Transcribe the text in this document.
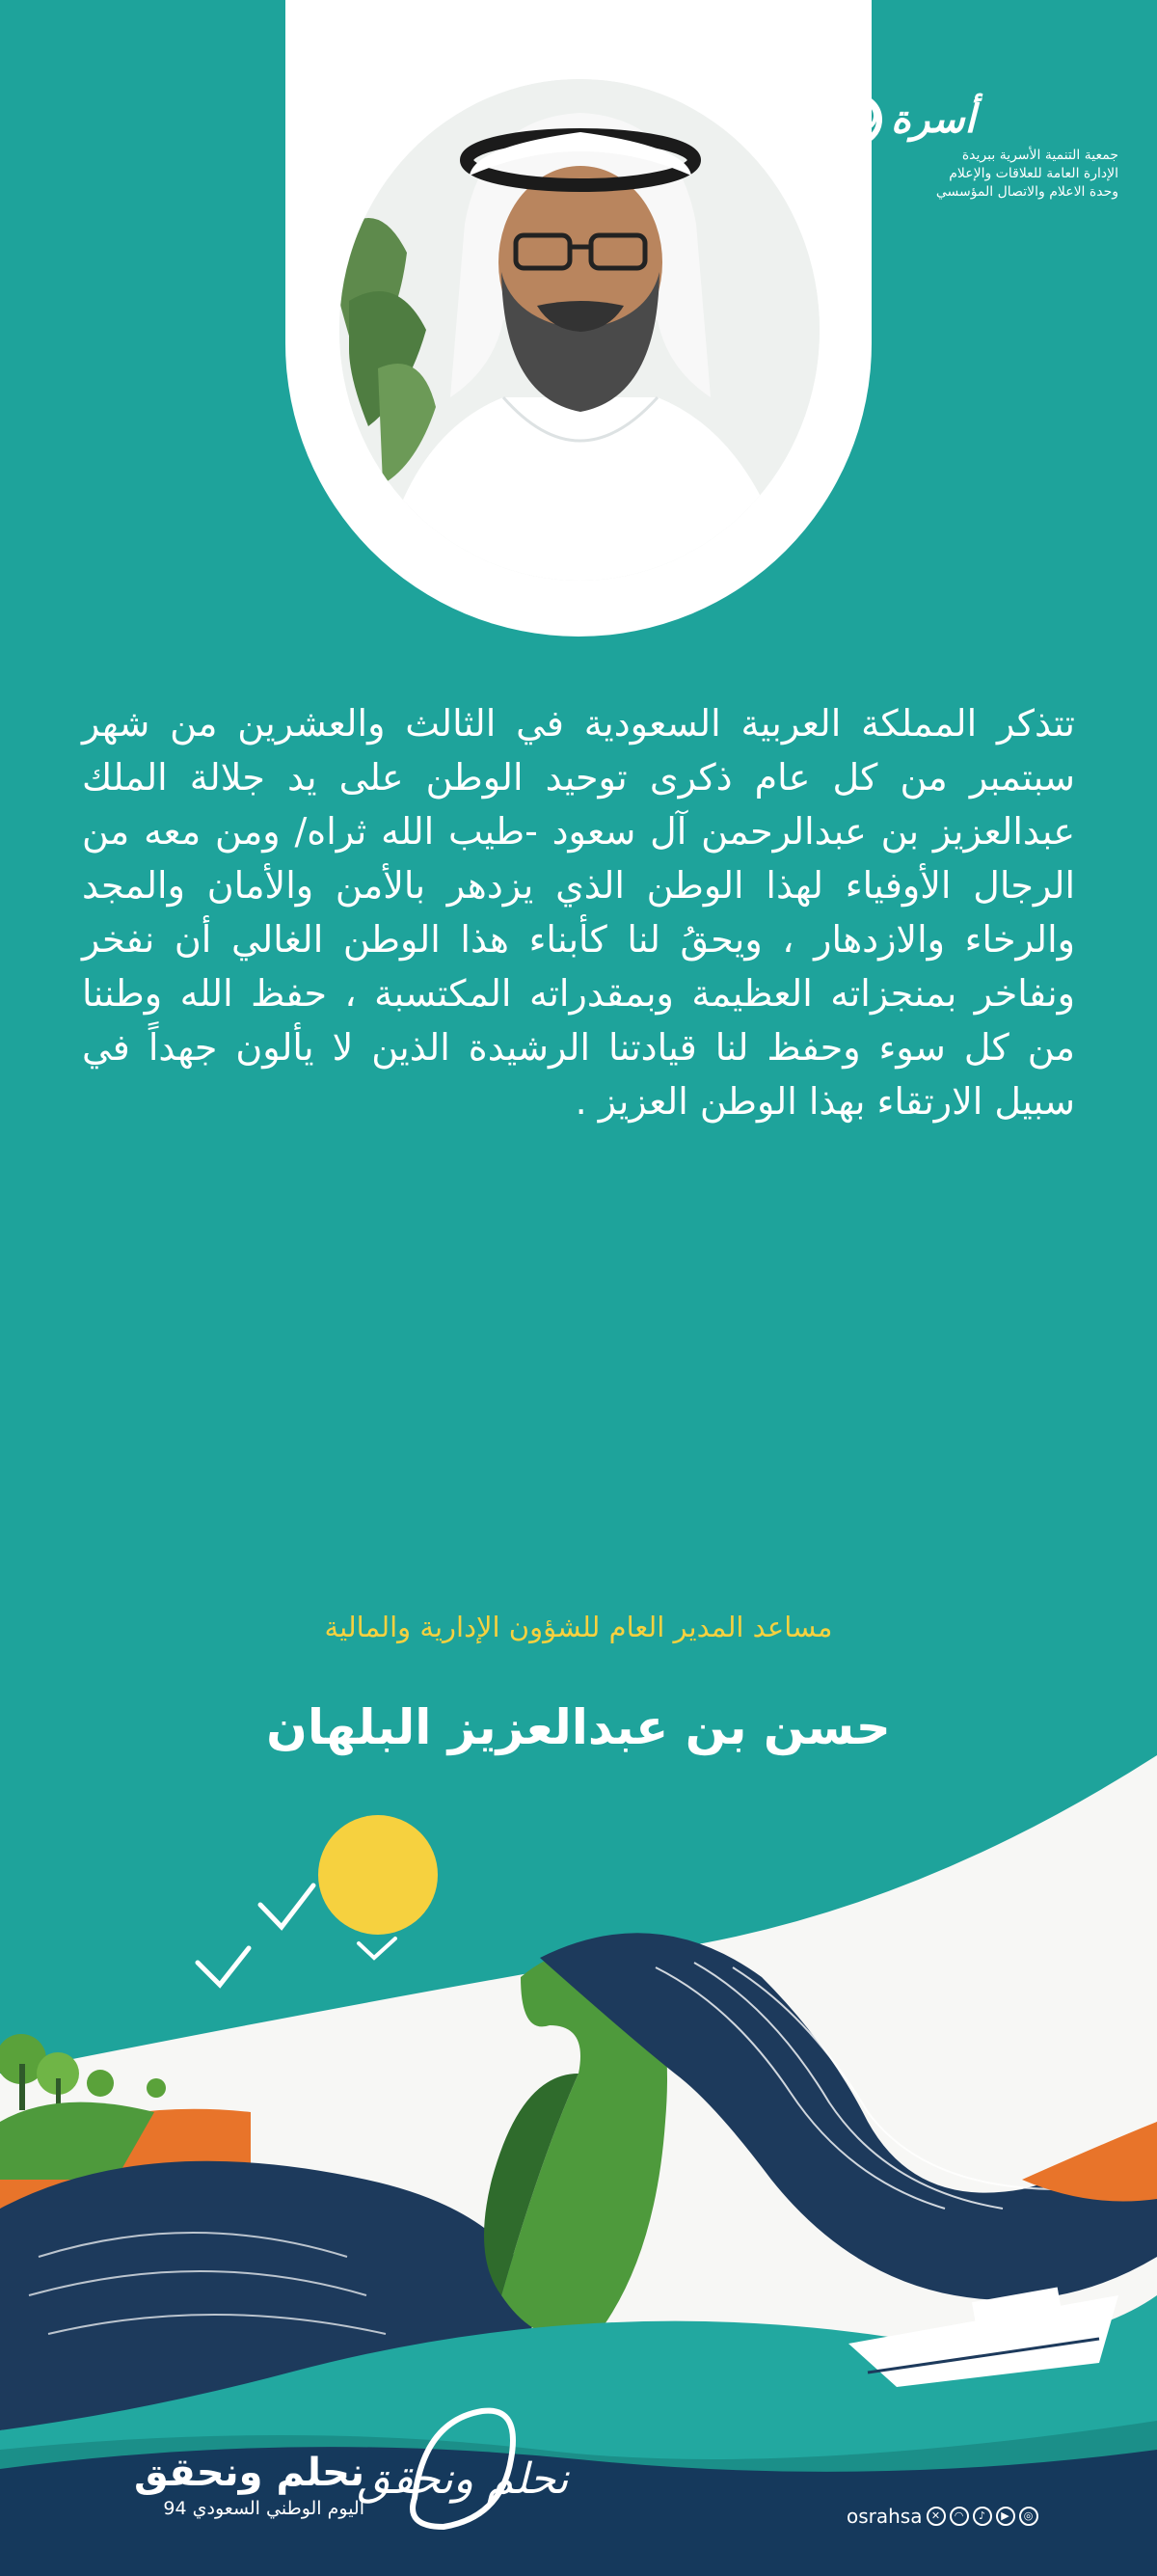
أسرة
جمعية التنمية الأسرية ببريدة
الإدارة العامة للعلاقات والإعلام
وحدة الاعلام والاتصال المؤسسي
تتذكر المملكة العربية السعودية في الثالث والعشرين من شهر سبتمبر من كل عام ذكرى توحيد الوطن على يد جلالة الملك عبدالعزيز بن عبدالرحمن آل سعود -طيب الله ثراه/ ومن معه من الرجال الأوفياء لهذا الوطن الذي يزدهر بالأمن والأمان والمجد والرخاء والازدهار ، ويحقُ لنا كأبناء هذا الوطن الغالي أن نفخر ونفاخر بمنجزاته العظيمة وبمقدراته المكتسبة ، حفظ الله وطننا من كل سوء وحفظ لنا قيادتنا الرشيدة الذين لا يألون جهداً في سبيل الارتقاء بهذا الوطن العزيز .
مساعد المدير العام للشؤون الإدارية والمالية
حسن بن عبدالعزيز البلهان
نحلم ونحقق
نحلم ونحقق
اليوم الوطني السعودي 94	◎
▶
♪
◠
✕
osrahsa
